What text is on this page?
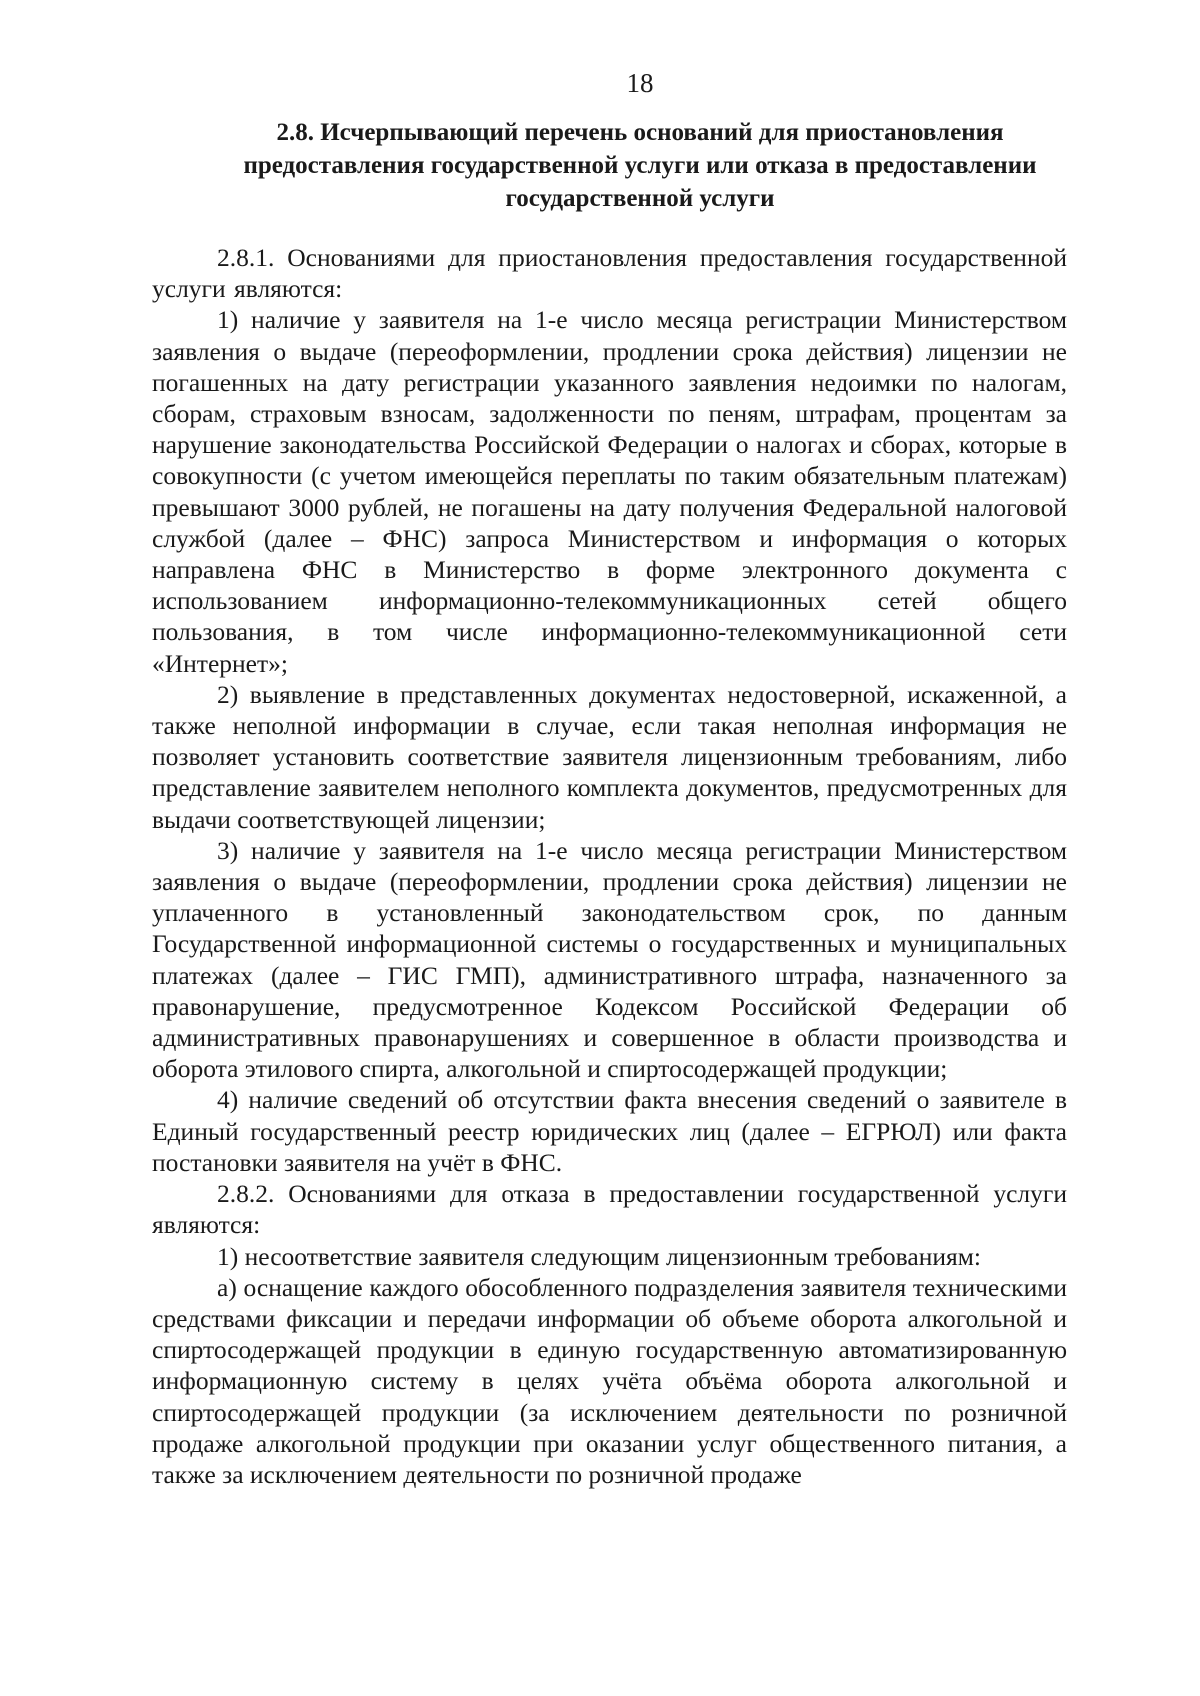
18
2.8. Исчерпывающий перечень оснований для приостановления предоставления государственной услуги или отказа в предоставлении государственной услуги

2.8.1. Основаниями для приостановления предоставления государственной услуги являются:

1) наличие у заявителя на 1-е число месяца регистрации Министерством заявления о выдаче (переоформлении, продлении срока действия) лицензии не погашенных на дату регистрации указанного заявления недоимки по налогам, сборам, страховым взносам, задолженности по пеням, штрафам, процентам за нарушение законодательства Российской Федерации о налогах и сборах, которые в совокупности (с учетом имеющейся переплаты по таким обязательным платежам) превышают 3000 рублей, не погашены на дату получения Федеральной налоговой службой (далее – ФНС) запроса Министерством и информация о которых направлена ФНС в Министерство в форме электронного документа с использованием информационно-телекоммуникационных сетей общего пользования, в том числе информационно-телекоммуникационной сети «Интернет»;

2) выявление в представленных документах недостоверной, искаженной, а также неполной информации в случае, если такая неполная информация не позволяет установить соответствие заявителя лицензионным требованиям, либо представление заявителем неполного комплекта документов, предусмотренных для выдачи соответствующей лицензии;

3) наличие у заявителя на 1-е число месяца регистрации Министерством заявления о выдаче (переоформлении, продлении срока действия) лицензии не уплаченного в установленный законодательством срок, по данным Государственной информационной системы о государственных и муниципальных платежах (далее – ГИС ГМП), административного штрафа, назначенного за правонарушение, предусмотренное Кодексом Российской Федерации об административных правонарушениях и совершенное в области производства и оборота этилового спирта, алкогольной и спиртосодержащей продукции;

4) наличие сведений об отсутствии факта внесения сведений о заявителе в Единый государственный реестр юридических лиц (далее – ЕГРЮЛ) или факта постановки заявителя на учёт в ФНС.

2.8.2. Основаниями для отказа в предоставлении государственной услуги являются:

1) несоответствие заявителя следующим лицензионным требованиям:

а) оснащение каждого обособленного подразделения заявителя техническими средствами фиксации и передачи информации об объеме оборота алкогольной и спиртосодержащей продукции в единую государственную автоматизированную информационную систему в целях учёта объёма оборота алкогольной и спиртосодержащей продукции (за исключением деятельности по розничной продаже алкогольной продукции при оказании услуг общественного питания, а также за исключением деятельности по розничной продаже
